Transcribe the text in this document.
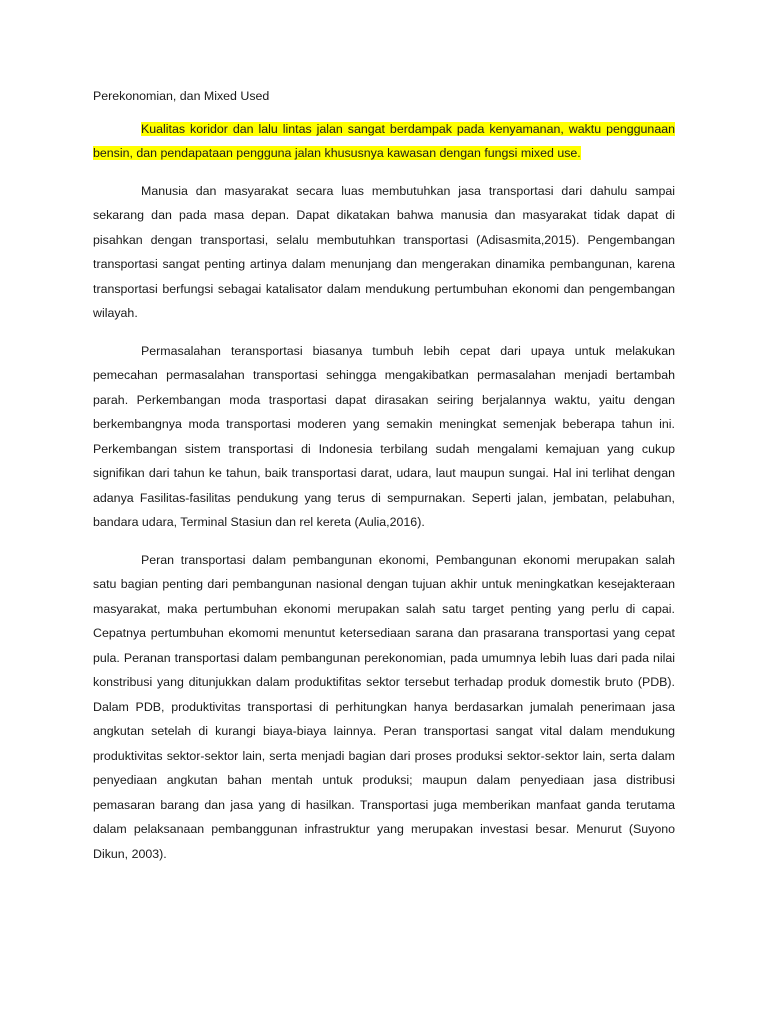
Perekonomian, dan Mixed Used

Kualitas koridor dan lalu lintas jalan sangat berdampak pada kenyamanan, waktu penggunaan bensin, dan pendapataan pengguna jalan khususnya kawasan dengan fungsi mixed use.

Manusia dan masyarakat secara luas membutuhkan jasa transportasi dari dahulu sampai sekarang dan pada masa depan. Dapat dikatakan bahwa manusia dan masyarakat tidak dapat di pisahkan dengan transportasi, selalu membutuhkan transportasi (Adisasmita,2015). Pengembangan transportasi sangat penting artinya dalam menunjang dan mengerakan dinamika pembangunan, karena transportasi berfungsi sebagai katalisator dalam mendukung pertumbuhan ekonomi dan pengembangan wilayah.

Permasalahan teransportasi biasanya tumbuh lebih cepat dari upaya untuk melakukan pemecahan permasalahan transportasi sehingga mengakibatkan permasalahan menjadi bertambah parah. Perkembangan moda trasportasi dapat dirasakan seiring berjalannya waktu, yaitu dengan berkembangnya moda transportasi moderen yang semakin meningkat semenjak beberapa tahun ini. Perkembangan sistem transportasi di Indonesia terbilang sudah mengalami kemajuan yang cukup signifikan dari tahun ke tahun, baik transportasi darat, udara, laut maupun sungai. Hal ini terlihat dengan adanya Fasilitas-fasilitas pendukung yang terus di sempurnakan. Seperti jalan, jembatan, pelabuhan, bandara udara, Terminal Stasiun dan rel kereta (Aulia,2016).

Peran transportasi dalam pembangunan ekonomi, Pembangunan ekonomi merupakan salah satu bagian penting dari pembangunan nasional dengan tujuan akhir untuk meningkatkan kesejakteraan masyarakat, maka pertumbuhan ekonomi merupakan salah satu target penting yang perlu di capai. Cepatnya pertumbuhan ekomomi menuntut ketersediaan sarana dan prasarana transportasi yang cepat pula. Peranan transportasi dalam pembangunan perekonomian, pada umumnya lebih luas dari pada nilai konstribusi yang ditunjukkan dalam produktifitas sektor tersebut terhadap produk domestik bruto (PDB). Dalam PDB, produktivitas transportasi di perhitungkan hanya berdasarkan jumalah penerimaan jasa angkutan setelah di kurangi biaya-biaya lainnya. Peran transportasi sangat vital dalam mendukung produktivitas sektor-sektor lain, serta menjadi bagian dari proses produksi sektor-sektor lain, serta dalam penyediaan angkutan bahan mentah untuk produksi; maupun dalam penyediaan jasa distribusi pemasaran barang dan jasa yang di hasilkan. Transportasi juga memberikan manfaat ganda terutama dalam pelaksanaan pembanggunan infrastruktur yang merupakan investasi besar. Menurut (Suyono Dikun, 2003).
